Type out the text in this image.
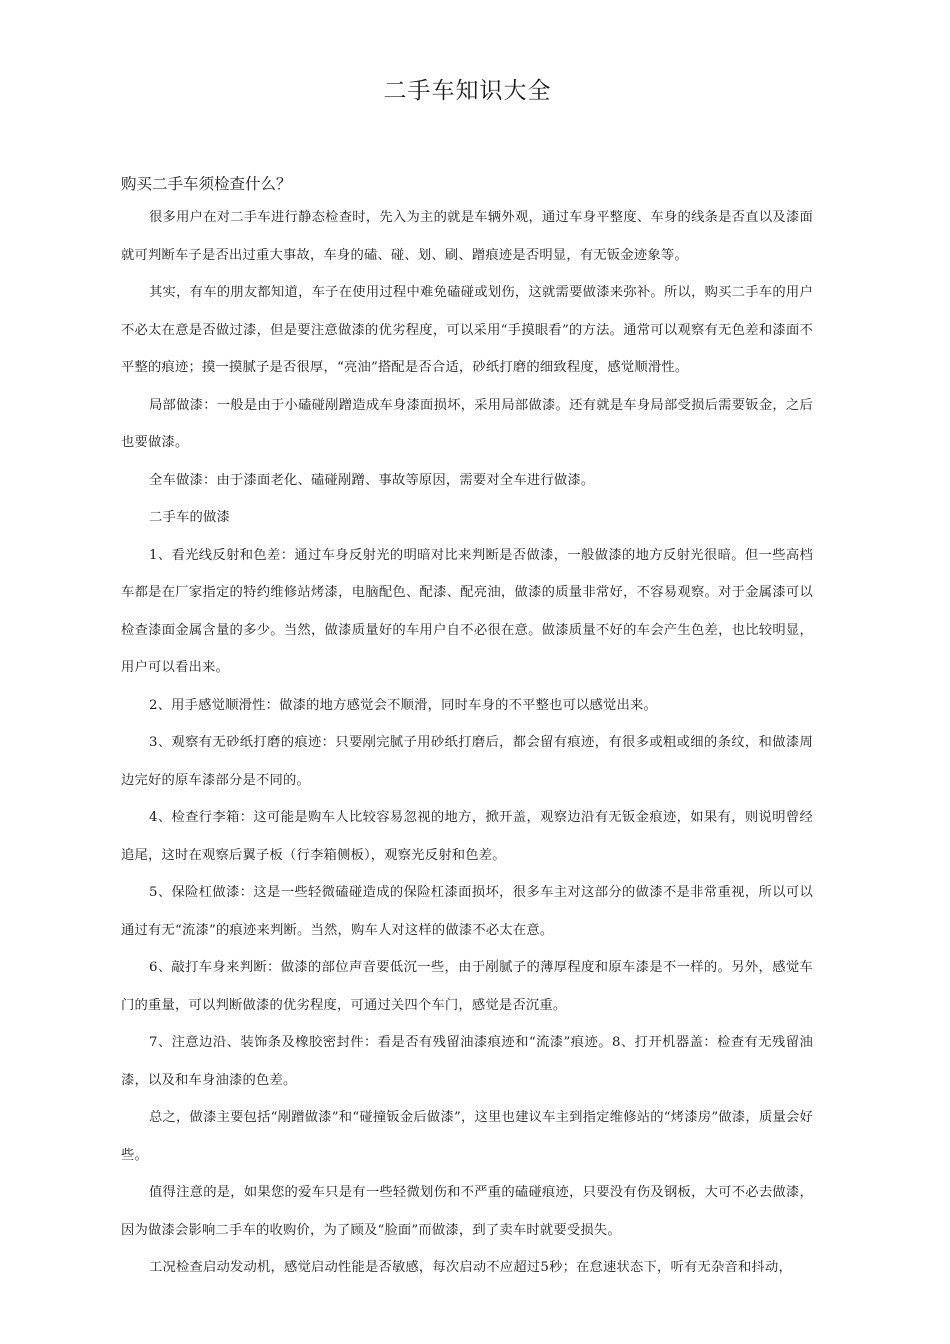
二手车知识大全
购买二手车须检查什么？

很多用户在对二手车进行静态检查时，先入为主的就是车辆外观，通过车身平整度、车身的线条是否直以及漆面就可判断车子是否出过重大事故，车身的磕、碰、划、刷、蹭痕迹是否明显，有无钣金迹象等。

其实，有车的朋友都知道，车子在使用过程中难免磕碰或划伤，这就需要做漆来弥补。所以，购买二手车的用户不必太在意是否做过漆，但是要注意做漆的优劣程度，可以采用“手摸眼看”的方法。通常可以观察有无色差和漆面不平整的痕迹；摸一摸腻子是否很厚，“亮油”搭配是否合适，砂纸打磨的细致程度，感觉顺滑性。

局部做漆：一般是由于小磕碰剐蹭造成车身漆面损坏，采用局部做漆。还有就是车身局部受损后需要钣金，之后也要做漆。

全车做漆：由于漆面老化、磕碰剐蹭、事故等原因，需要对全车进行做漆。

二手车的做漆

1、看光线反射和色差：通过车身反射光的明暗对比来判断是否做漆，一般做漆的地方反射光很暗。但一些高档车都是在厂家指定的特约维修站烤漆，电脑配色、配漆、配亮油，做漆的质量非常好，不容易观察。对于金属漆可以检查漆面金属含量的多少。当然，做漆质量好的车用户自不必很在意。做漆质量不好的车会产生色差，也比较明显，用户可以看出来。

2、用手感觉顺滑性：做漆的地方感觉会不顺滑，同时车身的不平整也可以感觉出来。

3、观察有无砂纸打磨的痕迹：只要剐完腻子用砂纸打磨后，都会留有痕迹，有很多或粗或细的条纹，和做漆周边完好的原车漆部分是不同的。

4、检查行李箱：这可能是购车人比较容易忽视的地方，掀开盖，观察边沿有无钣金痕迹，如果有，则说明曾经追尾，这时在观察后翼子板（行李箱侧板），观察光反射和色差。

5、保险杠做漆：这是一些轻微磕碰造成的保险杠漆面损坏，很多车主对这部分的做漆不是非常重视，所以可以通过有无“流漆”的痕迹来判断。当然，购车人对这样的做漆不必太在意。

6、敲打车身来判断：做漆的部位声音要低沉一些，由于剐腻子的薄厚程度和原车漆是不一样的。另外，感觉车门的重量，可以判断做漆的优劣程度，可通过关四个车门，感觉是否沉重。

7、注意边沿、装饰条及橡胶密封件：看是否有残留油漆痕迹和“流漆”痕迹。8、打开机器盖：检查有无残留油漆，以及和车身油漆的色差。

总之，做漆主要包括“剐蹭做漆”和“碰撞钣金后做漆”，这里也建议车主到指定维修站的“烤漆房”做漆，质量会好些。

值得注意的是，如果您的爱车只是有一些轻微划伤和不严重的磕碰痕迹，只要没有伤及钢板，大可不必去做漆，因为做漆会影响二手车的收购价，为了顾及“脸面”而做漆，到了卖车时就要受损失。

工况检查启动发动机，感觉启动性能是否敏感，每次启动不应超过5秒；在怠速状态下，听有无杂音和抖动，
